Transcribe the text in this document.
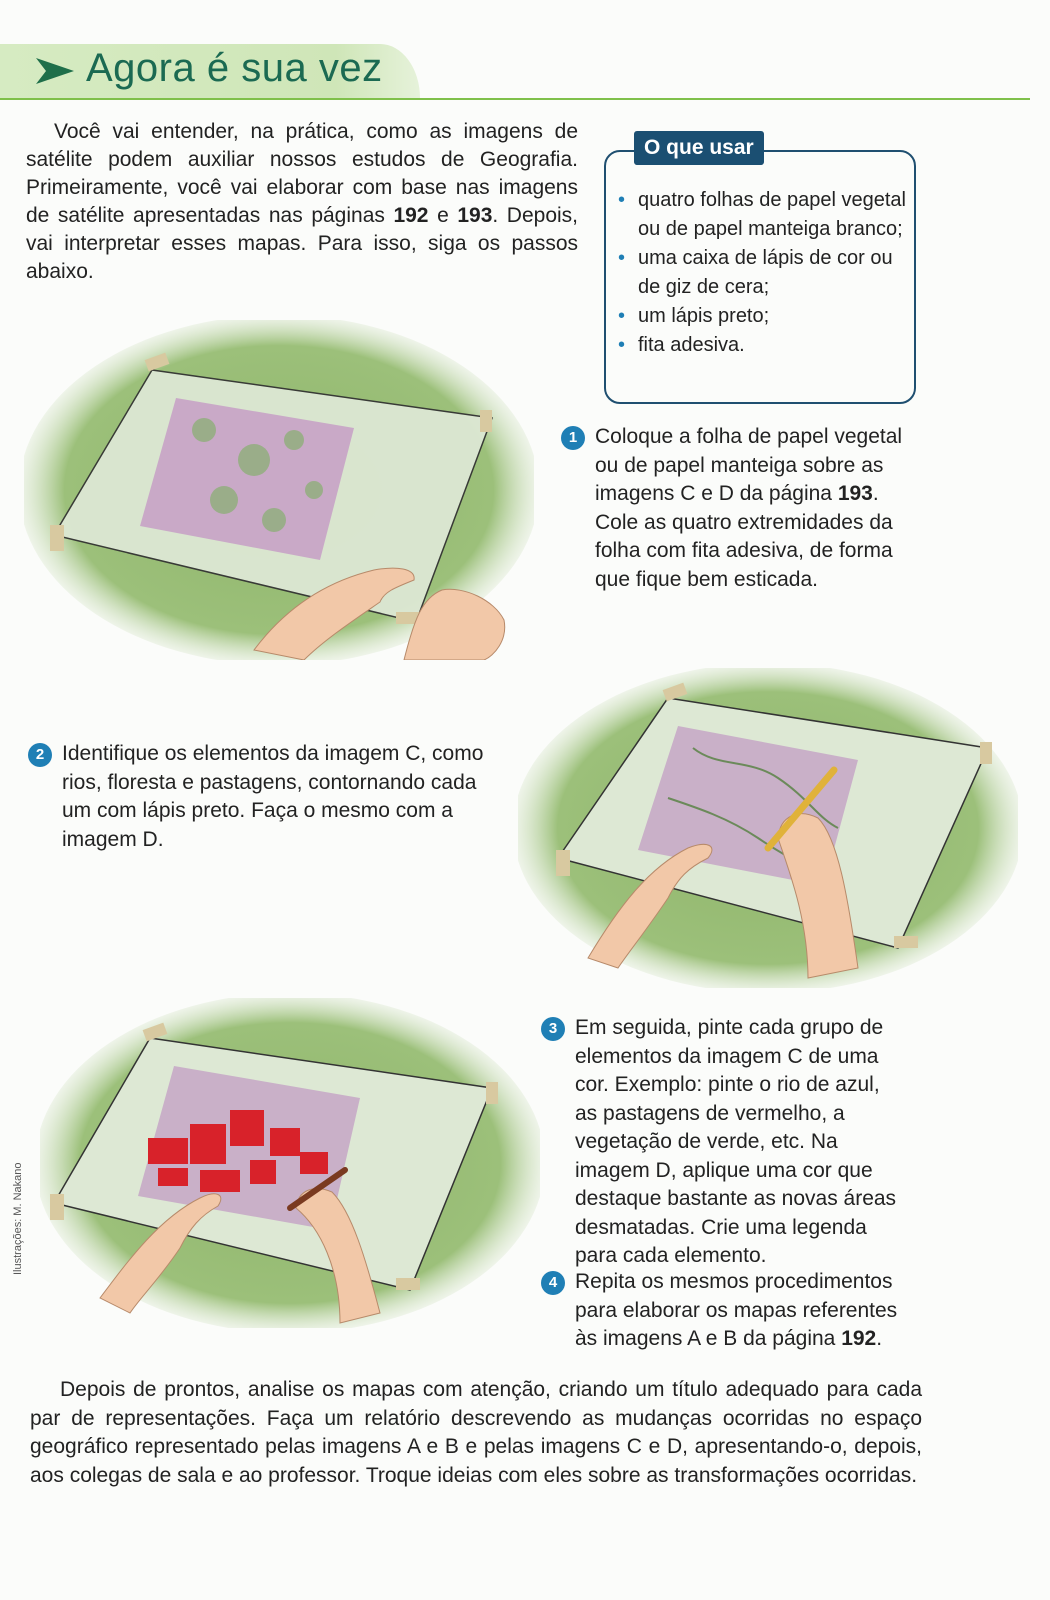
Agora é sua vez
Você vai entender, na prática, como as imagens de satélite podem auxiliar nossos estudos de Geografia. Primeiramente, você vai elaborar com base nas imagens de satélite apresentadas nas páginas 192 e 193. Depois, vai interpretar esses mapas. Para isso, siga os passos abaixo.
• quatro folhas de papel vegetal ou de papel manteiga branco;
• uma caixa de lápis de cor ou de giz de cera;
• um lápis preto;
• fita adesiva.
O que usar
1 Coloque a folha de papel vegetal ou de papel manteiga sobre as imagens C e D da página 193. Cole as quatro extremidades da folha com fita adesiva, de forma que fique bem esticada.
2 Identifique os elementos da imagem C, como rios, floresta e pastagens, contornando cada um com lápis preto. Faça o mesmo com a imagem D.
3 Em seguida, pinte cada grupo de elementos da imagem C de uma cor. Exemplo: pinte o rio de azul, as pastagens de vermelho, a vegetação de verde, etc. Na imagem D, aplique uma cor que destaque bastante as novas áreas desmatadas. Crie uma legenda para cada elemento.
4 Repita os mesmos procedimentos para elaborar os mapas referentes às imagens A e B da página 192.
Ilustrações: M. Nakano
Depois de prontos, analise os mapas com atenção, criando um título adequado para cada par de representações. Faça um relatório descrevendo as mudanças ocorridas no espaço geográfico representado pelas imagens A e B e pelas imagens C e D, apresentando-o, depois, aos colegas de sala e ao professor. Troque ideias com eles sobre as transformações ocorridas.
